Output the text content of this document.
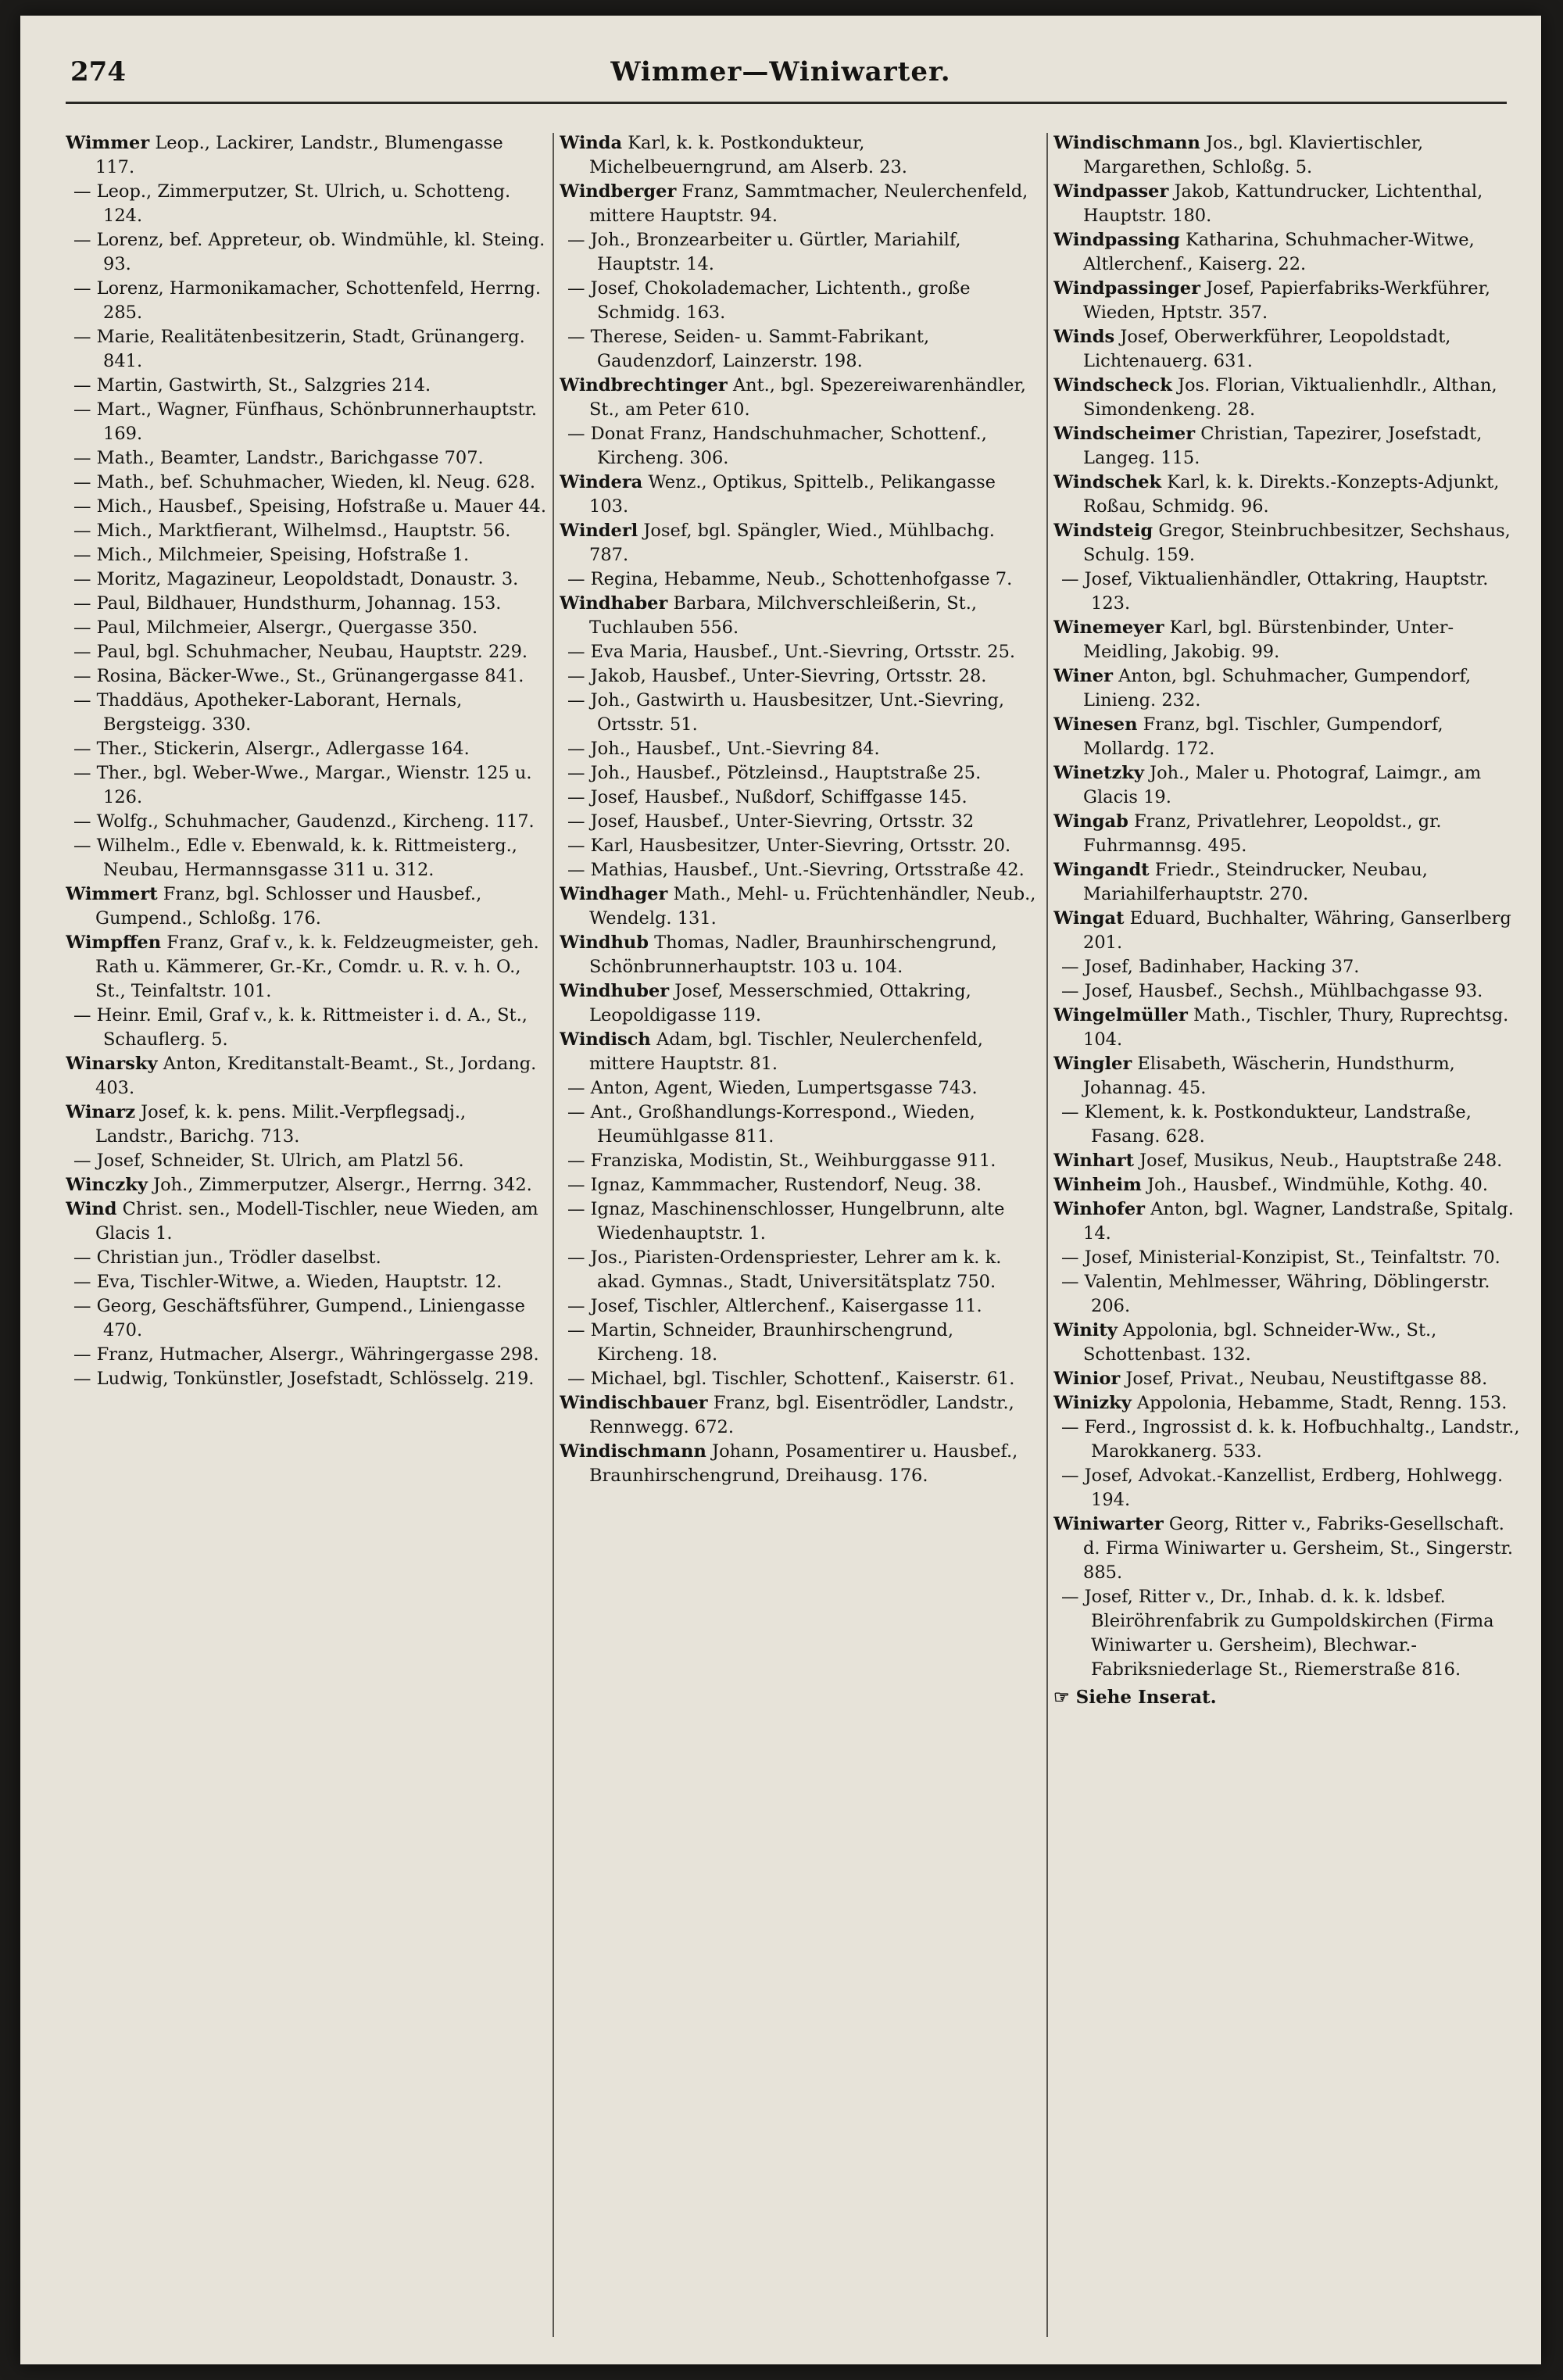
274	Wimmer—Winiwarter.

Wimmer Leop., Lackirer, Landstr., Blumengasse 117.

— Leop., Zimmerputzer, St. Ulrich, u. Schotteng. 124.

— Lorenz, bef. Appreteur, ob. Windmühle, kl. Steing. 93.

— Lorenz, Harmonikamacher, Schottenfeld, Herrng. 285.

— Marie, Realitätenbesitzerin, Stadt, Grünangerg. 841.

— Martin, Gastwirth, St., Salzgries 214.

— Mart., Wagner, Fünfhaus, Schönbrunnerhauptstr. 169.

— Math., Beamter, Landstr., Barichgasse 707.

— Math., bef. Schuhmacher, Wieden, kl. Neug. 628.

— Mich., Hausbef., Speising, Hofstraße u. Mauer 44.

— Mich., Marktfierant, Wilhelmsd., Hauptstr. 56.

— Mich., Milchmeier, Speising, Hofstraße 1.

— Moritz, Magazineur, Leopoldstadt, Donaustr. 3.

— Paul, Bildhauer, Hundsthurm, Johannag. 153.

— Paul, Milchmeier, Alsergr., Quergasse 350.

— Paul, bgl. Schuhmacher, Neubau, Hauptstr. 229.

— Rosina, Bäcker-Wwe., St., Grünangergasse 841.

— Thaddäus, Apotheker-Laborant, Hernals, Bergsteigg. 330.

— Ther., Stickerin, Alsergr., Adlergasse 164.

— Ther., bgl. Weber-Wwe., Margar., Wienstr. 125 u. 126.

— Wolfg., Schuhmacher, Gaudenzd., Kircheng. 117.

— Wilhelm., Edle v. Ebenwald, k. k. Rittmeisterg., Neubau, Hermannsgasse 311 u. 312.

Wimmert Franz, bgl. Schlosser und Hausbef., Gumpend., Schloßg. 176.

Wimpffen Franz, Graf v., k. k. Feldzeugmeister, geh. Rath u. Kämmerer, Gr.-Kr., Comdr. u. R. v. h. O., St., Teinfaltstr. 101.

— Heinr. Emil, Graf v., k. k. Rittmeister i. d. A., St., Schauflerg. 5.

Winarsky Anton, Kreditanstalt-Beamt., St., Jordang. 403.

Winarz Josef, k. k. pens. Milit.-Verpflegsadj., Landstr., Barichg. 713.

— Josef, Schneider, St. Ulrich, am Platzl 56.

Winczky Joh., Zimmerputzer, Alsergr., Herrng. 342.

Wind Christ. sen., Modell-Tischler, neue Wieden, am Glacis 1.

— Christian jun., Trödler daselbst.

— Eva, Tischler-Witwe, a. Wieden, Hauptstr. 12.

— Georg, Geschäftsführer, Gumpend., Liniengasse 470.

— Franz, Hutmacher, Alsergr., Währingergasse 298.

— Ludwig, Tonkünstler, Josefstadt, Schlösselg. 219.

Winda Karl, k. k. Postkondukteur, Michelbeuerngrund, am Alserb. 23.

Windberger Franz, Sammtmacher, Neulerchenfeld, mittere Hauptstr. 94.

— Joh., Bronzearbeiter u. Gürtler, Mariahilf, Hauptstr. 14.

— Josef, Chokolademacher, Lichtenth., große Schmidg. 163.

— Therese, Seiden- u. Sammt-Fabrikant, Gaudenzdorf, Lainzerstr. 198.

Windbrechtinger Ant., bgl. Spezereiwarenhändler, St., am Peter 610.

— Donat Franz, Handschuhmacher, Schottenf., Kircheng. 306.

Windera Wenz., Optikus, Spittelb., Pelikangasse 103.

Winderl Josef, bgl. Spängler, Wied., Mühlbachg. 787.

— Regina, Hebamme, Neub., Schottenhofgasse 7.

Windhaber Barbara, Milchverschleißerin, St., Tuchlauben 556.

— Eva Maria, Hausbef., Unt.-Sievring, Ortsstr. 25.

— Jakob, Hausbef., Unter-Sievring, Ortsstr. 28.

— Joh., Gastwirth u. Hausbesitzer, Unt.-Sievring, Ortsstr. 51.

— Joh., Hausbef., Unt.-Sievring 84.

— Joh., Hausbef., Pötzleinsd., Hauptstraße 25.

— Josef, Hausbef., Nußdorf, Schiffgasse 145.

— Josef, Hausbef., Unter-Sievring, Ortsstr. 32

— Karl, Hausbesitzer, Unter-Sievring, Ortsstr. 20.

— Mathias, Hausbef., Unt.-Sievring, Ortsstraße 42.

Windhager Math., Mehl- u. Früchtenhändler, Neub., Wendelg. 131.

Windhub Thomas, Nadler, Braunhirschengrund, Schönbrunnerhauptstr. 103 u. 104.

Windhuber Josef, Messerschmied, Ottakring, Leopoldigasse 119.

Windisch Adam, bgl. Tischler, Neulerchenfeld, mittere Hauptstr. 81.

— Anton, Agent, Wieden, Lumpertsgasse 743.

— Ant., Großhandlungs-Korrespond., Wieden, Heumühlgasse 811.

— Franziska, Modistin, St., Weihburggasse 911.

— Ignaz, Kammmacher, Rustendorf, Neug. 38.

— Ignaz, Maschinenschlosser, Hungelbrunn, alte Wiedenhauptstr. 1.

— Jos., Piaristen-Ordenspriester, Lehrer am k. k. akad. Gymnas., Stadt, Universitätsplatz 750.

— Josef, Tischler, Altlerchenf., Kaisergasse 11.

— Martin, Schneider, Braunhirschengrund, Kircheng. 18.

— Michael, bgl. Tischler, Schottenf., Kaiserstr. 61.

Windischbauer Franz, bgl. Eisentrödler, Landstr., Rennwegg. 672.

Windischmann Johann, Posamentirer u. Hausbef., Braunhirschengrund, Dreihausg. 176.

Windischmann Jos., bgl. Klaviertischler, Margarethen, Schloßg. 5.

Windpasser Jakob, Kattundrucker, Lichtenthal, Hauptstr. 180.

Windpassing Katharina, Schuhmacher-Witwe, Altlerchenf., Kaiserg. 22.

Windpassinger Josef, Papierfabriks-Werkführer, Wieden, Hptstr. 357.

Winds Josef, Oberwerkführer, Leopoldstadt, Lichtenauerg. 631.

Windscheck Jos. Florian, Viktualienhdlr., Althan, Simondenkeng. 28.

Windscheimer Christian, Tapezirer, Josefstadt, Langeg. 115.

Windschek Karl, k. k. Direkts.-Konzepts-Adjunkt, Roßau, Schmidg. 96.

Windsteig Gregor, Steinbruchbesitzer, Sechshaus, Schulg. 159.

— Josef, Viktualienhändler, Ottakring, Hauptstr. 123.

Winemeyer Karl, bgl. Bürstenbinder, Unter-Meidling, Jakobig. 99.

Winer Anton, bgl. Schuhmacher, Gumpendorf, Linieng. 232.

Winesen Franz, bgl. Tischler, Gumpendorf, Mollardg. 172.

Winetzky Joh., Maler u. Photograf, Laimgr., am Glacis 19.

Wingab Franz, Privatlehrer, Leopoldst., gr. Fuhrmannsg. 495.

Wingandt Friedr., Steindrucker, Neubau, Mariahilferhauptstr. 270.

Wingat Eduard, Buchhalter, Währing, Ganserlberg 201.

— Josef, Badinhaber, Hacking 37.

— Josef, Hausbef., Sechsh., Mühlbachgasse 93.

Wingelmüller Math., Tischler, Thury, Ruprechtsg. 104.

Wingler Elisabeth, Wäscherin, Hundsthurm, Johannag. 45.

— Klement, k. k. Postkondukteur, Landstraße, Fasang. 628.

Winhart Josef, Musikus, Neub., Hauptstraße 248.

Winheim Joh., Hausbef., Windmühle, Kothg. 40.

Winhofer Anton, bgl. Wagner, Landstraße, Spitalg. 14.

— Josef, Ministerial-Konzipist, St., Teinfaltstr. 70.

— Valentin, Mehlmesser, Währing, Döblingerstr. 206.

Winity Appolonia, bgl. Schneider-Ww., St., Schottenbast. 132.

Winior Josef, Privat., Neubau, Neustiftgasse 88.

Winizky Appolonia, Hebamme, Stadt, Renng. 153.

— Ferd., Ingrossist d. k. k. Hofbuchhaltg., Landstr., Marokkanerg. 533.

— Josef, Advokat.-Kanzellist, Erdberg, Hohlwegg. 194.

Winiwarter Georg, Ritter v., Fabriks-Gesellschaft. d. Firma Winiwarter u. Gersheim, St., Singerstr. 885.

— Josef, Ritter v., Dr., Inhab. d. k. k. ldsbef. Bleiröhrenfabrik zu Gumpoldskirchen (Firma Winiwarter u. Gersheim), Blechwar.-Fabriksniederlage St., Riemerstraße 816.

☞ Siehe Inserat.
